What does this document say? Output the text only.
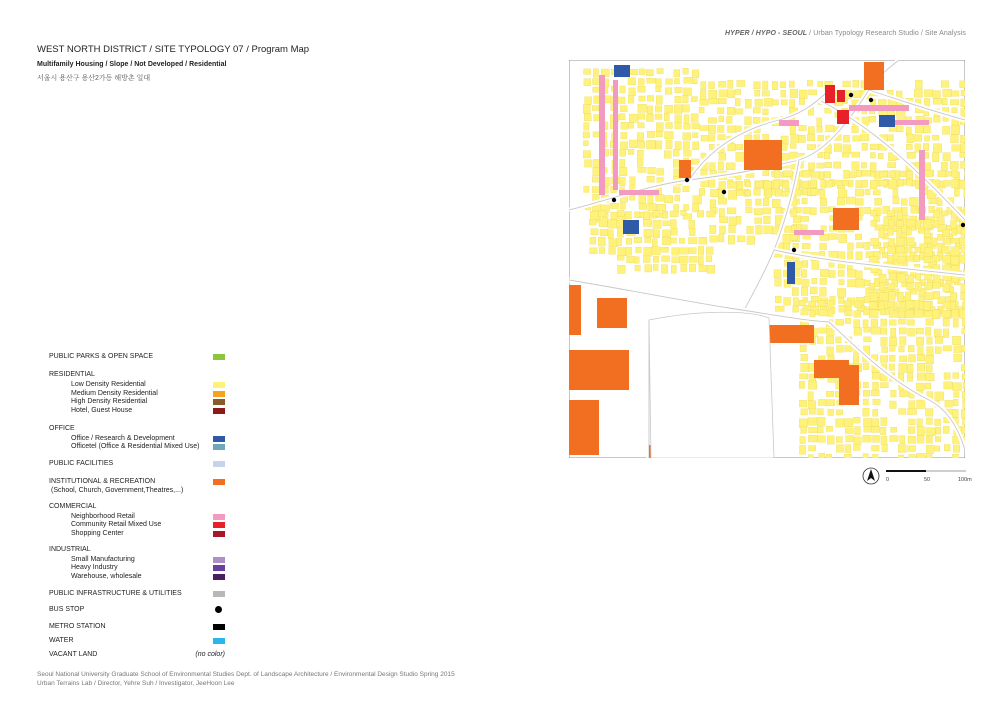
HYPER / HYPO - SEOUL / Urban Typology Research Studio / Site Analysis
WEST NORTH DISTRICT / SITE TYPOLOGY 07 / Program Map
Multifamily Housing / Slope / Not Developed / Residential
서울시 용산구 용산2가동 해방촌 일대
PUBLIC PARKS & OPEN SPACE
RESIDENTIAL
Low Density Residential
Medium Density Residential
High Density Residential
Hotel, Guest House
OFFICE
Office / Research & Development
Officetel (Office & Residential Mixed Use)
PUBLIC FACILITIES
INSTITUTIONAL & RECREATION
(School, Church, Government,Theatres,...)
COMMERCIAL
Neighborhood Retail
Community Retail Mixed Use
Shopping Center
INDUSTRIAL
Small Manufacturing
Heavy Industry
Warehouse, wholesale
PUBLIC INFRASTRUCTURE & UTILITIES
BUS STOP
METRO STATION
WATER
VACANT LAND	(no color)
0	50	100m
Seoul National University Graduate School of Environmental Studies Dept. of Landscape Architecture / Environmental Design Studio Spring 2015
Urban Terrains Lab / Director, Yehre Suh / Investigator, JeeHoon Lee
